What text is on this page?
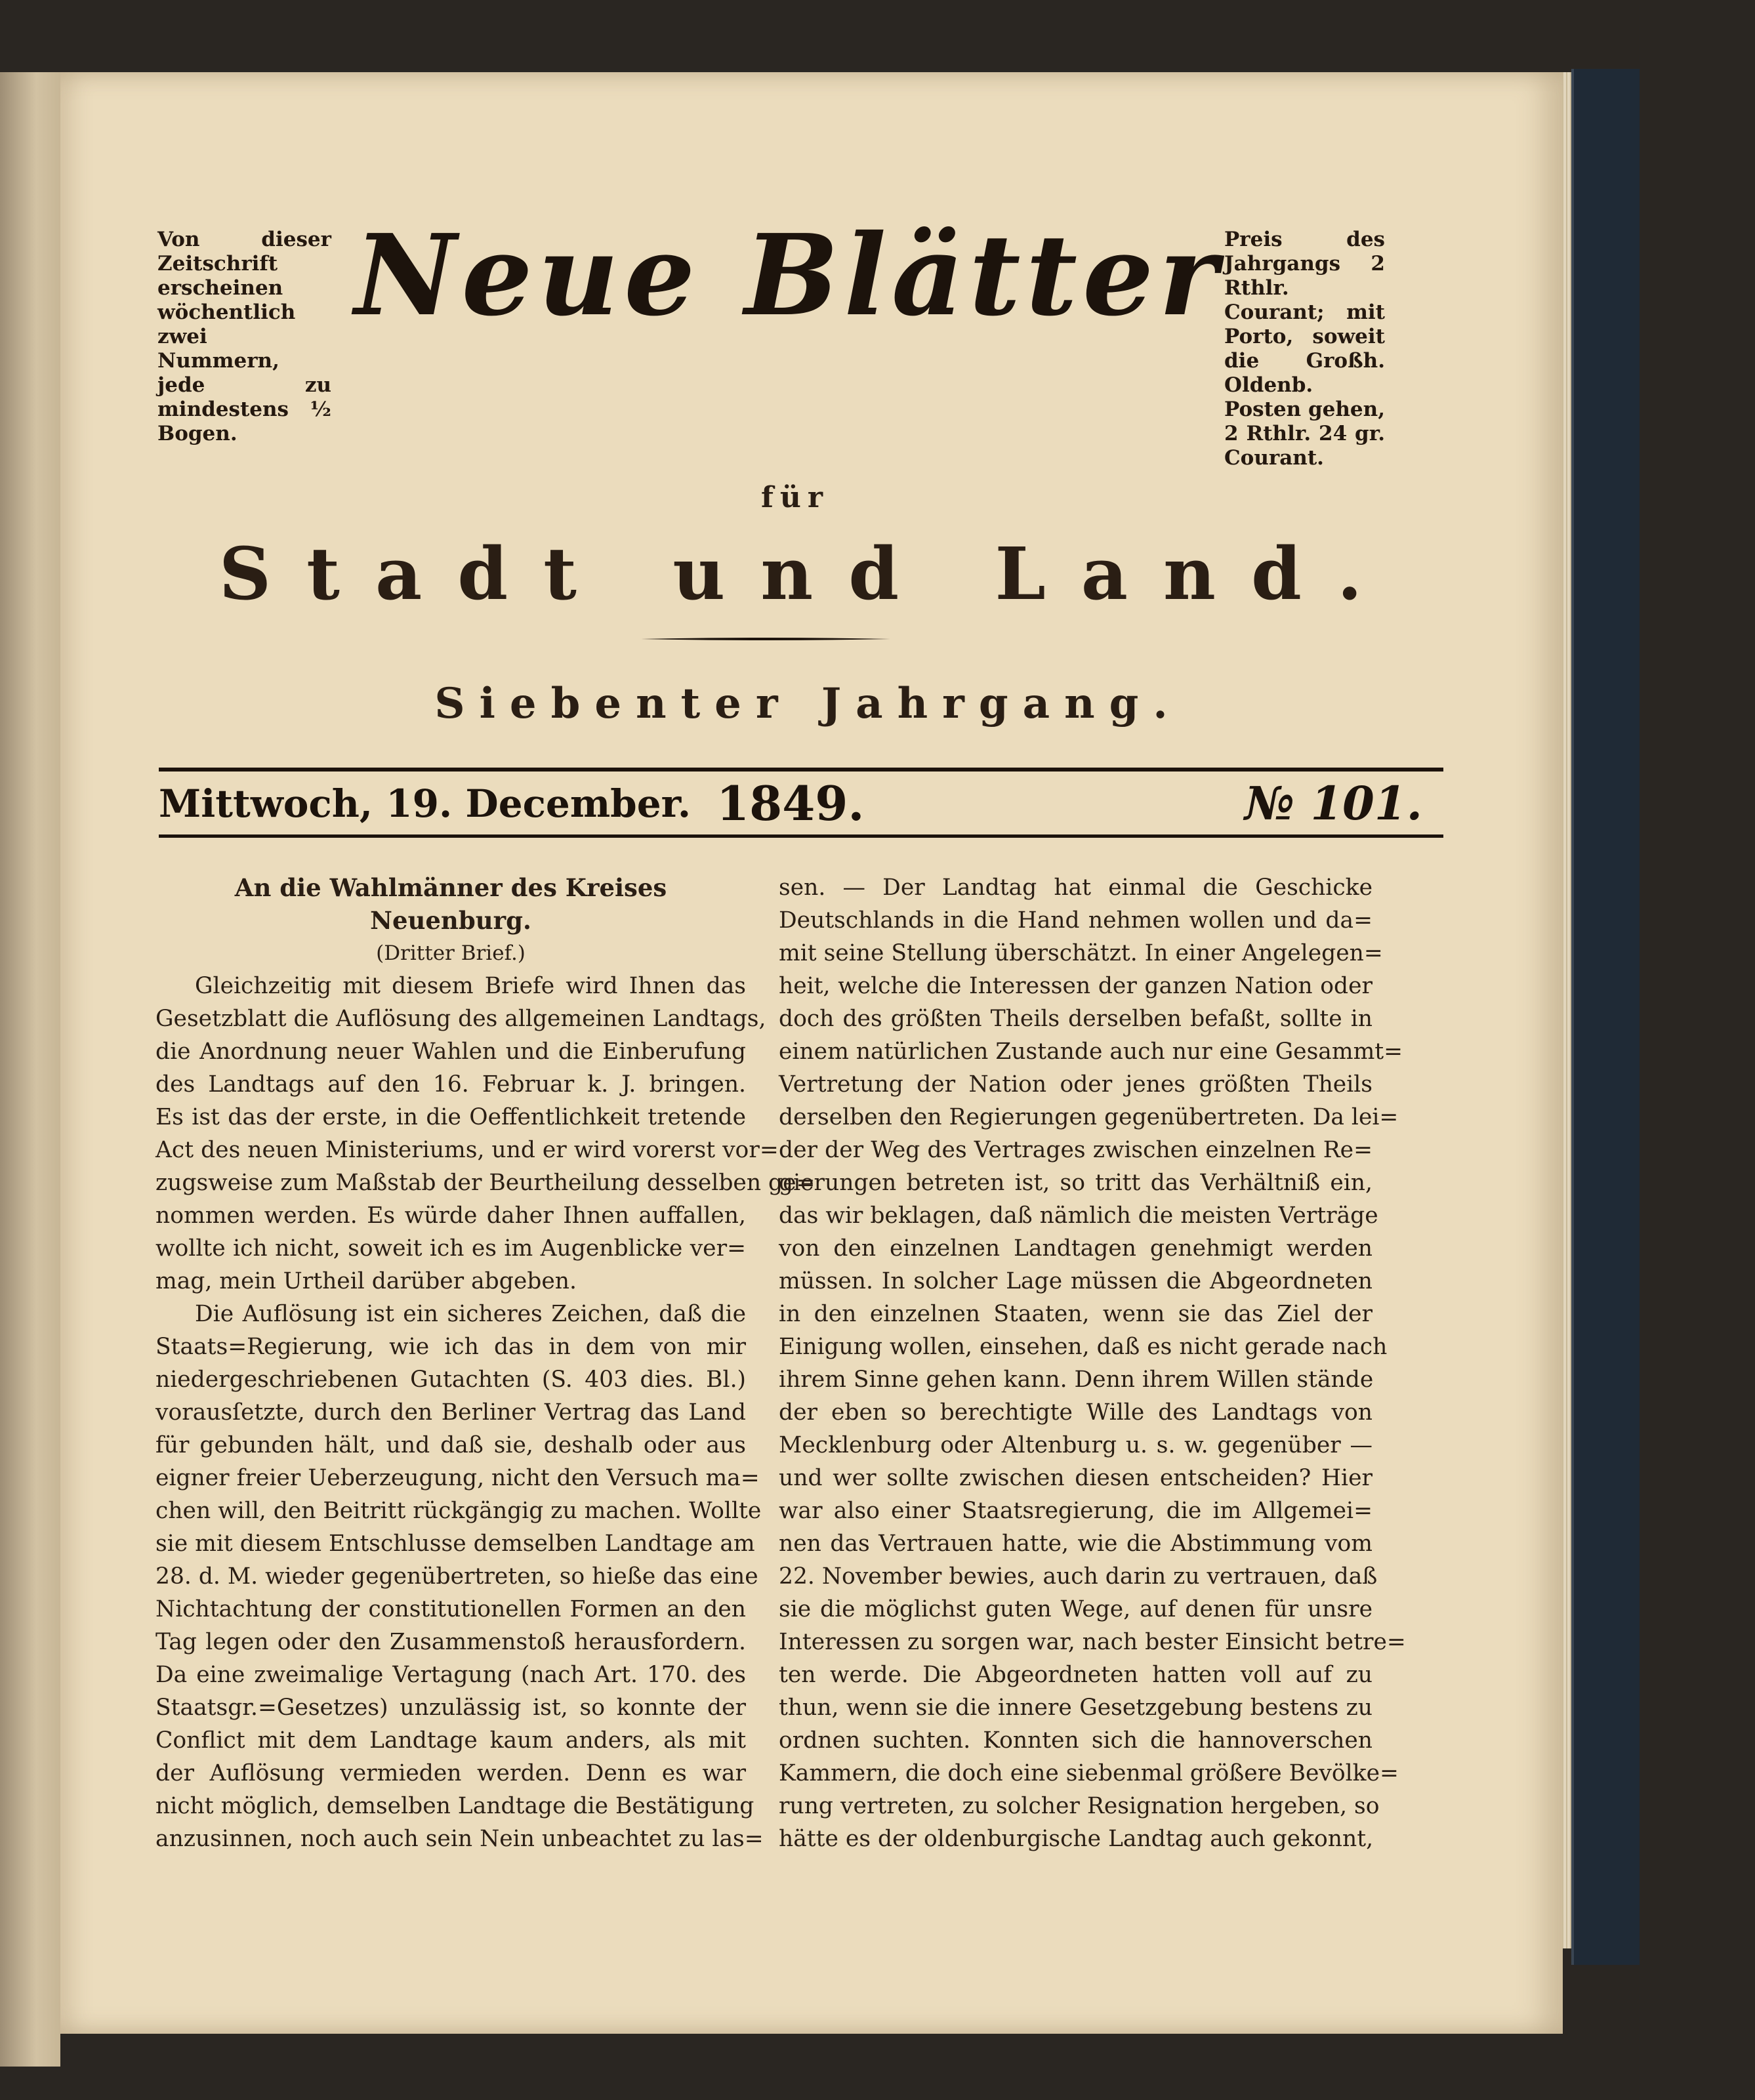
Von dieser Zeitschrift erscheinen wöchentlich zwei Nummern, jede zu mindestens ½ Bogen.
Preis des Jahrgangs 2 Rthlr. Courant; mit Porto, soweit die Großh. Oldenb. Posten gehen, 2 Rthlr. 24 gr. Courant.
Neue Blätter
für
Stadt und Land.
Siebenter Jahrgang.
Mittwoch, 19. December. 1849.	№ 101.
An die Wahlmänner des Kreises Neuenburg.
(Dritter Brief.)
Gleichzeitig mit diesem Briefe wird Ihnen das
Gesetzblatt die Auflösung des allgemeinen Landtags,
die Anordnung neuer Wahlen und die Einberufung
des Landtags auf den 16. Februar k. J. bringen.
Es ist das der erste, in die Oeffentlichkeit tretende
Act des neuen Ministeriums, und er wird vorerst vor=
zugsweise zum Maßstab der Beurtheilung desselben ge=
nommen werden. Es würde daher Ihnen auffallen,
wollte ich nicht, soweit ich es im Augenblicke ver=
mag, mein Urtheil darüber abgeben.
Die Auflösung ist ein sicheres Zeichen, daß die
Staats=Regierung, wie ich das in dem von mir
niedergeschriebenen Gutachten (S. 403 dies. Bl.)
vorausſetzte, durch den Berliner Vertrag das Land
für gebunden hält, und daß sie, deshalb oder aus
eigner freier Ueberzeugung, nicht den Versuch ma=
chen will, den Beitritt rückgängig zu machen. Wollte
sie mit diesem Entschlusse demselben Landtage am
28. d. M. wieder gegenübertreten, so hieße das eine
Nichtachtung der constitutionellen Formen an den
Tag legen oder den Zusammenstoß herausfordern.
Da eine zweimalige Vertagung (nach Art. 170. des
Staatsgr.=Gesetzes) unzulässig ist, so konnte der
Conflict mit dem Landtage kaum anders, als mit
der Auflösung vermieden werden. Denn es war
nicht möglich, demselben Landtage die Bestätigung
anzusinnen, noch auch sein Nein unbeachtet zu las=
sen. — Der Landtag hat einmal die Geschicke
Deutschlands in die Hand nehmen wollen und da=
mit seine Stellung überschätzt. In einer Angelegen=
heit, welche die Interessen der ganzen Nation oder
doch des größten Theils derselben befaßt, sollte in
einem natürlichen Zustande auch nur eine Gesammt=
Vertretung der Nation oder jenes größten Theils
derselben den Regierungen gegenübertreten. Da lei=
der der Weg des Vertrages zwischen einzelnen Re=
gierungen betreten ist, so tritt das Verhältniß ein,
das wir beklagen, daß nämlich die meisten Verträge
von den einzelnen Landtagen genehmigt werden
müssen. In solcher Lage müssen die Abgeordneten
in den einzelnen Staaten, wenn sie das Ziel der
Einigung wollen, einsehen, daß es nicht gerade nach
ihrem Sinne gehen kann. Denn ihrem Willen stände
der eben so berechtigte Wille des Landtags von
Mecklenburg oder Altenburg u. s. w. gegenüber —
und wer sollte zwischen diesen entscheiden? Hier
war also einer Staatsregierung, die im Allgemei=
nen das Vertrauen hatte, wie die Abstimmung vom
22. November bewies, auch darin zu vertrauen, daß
sie die möglichst guten Wege, auf denen für unsre
Interessen zu sorgen war, nach bester Einsicht betre=
ten werde. Die Abgeordneten hatten voll auf zu
thun, wenn sie die innere Gesetzgebung bestens zu
ordnen suchten. Konnten sich die hannoverschen
Kammern, die doch eine siebenmal größere Bevölke=
rung vertreten, zu solcher Resignation hergeben, so
hätte es der oldenburgische Landtag auch gekonnt,
